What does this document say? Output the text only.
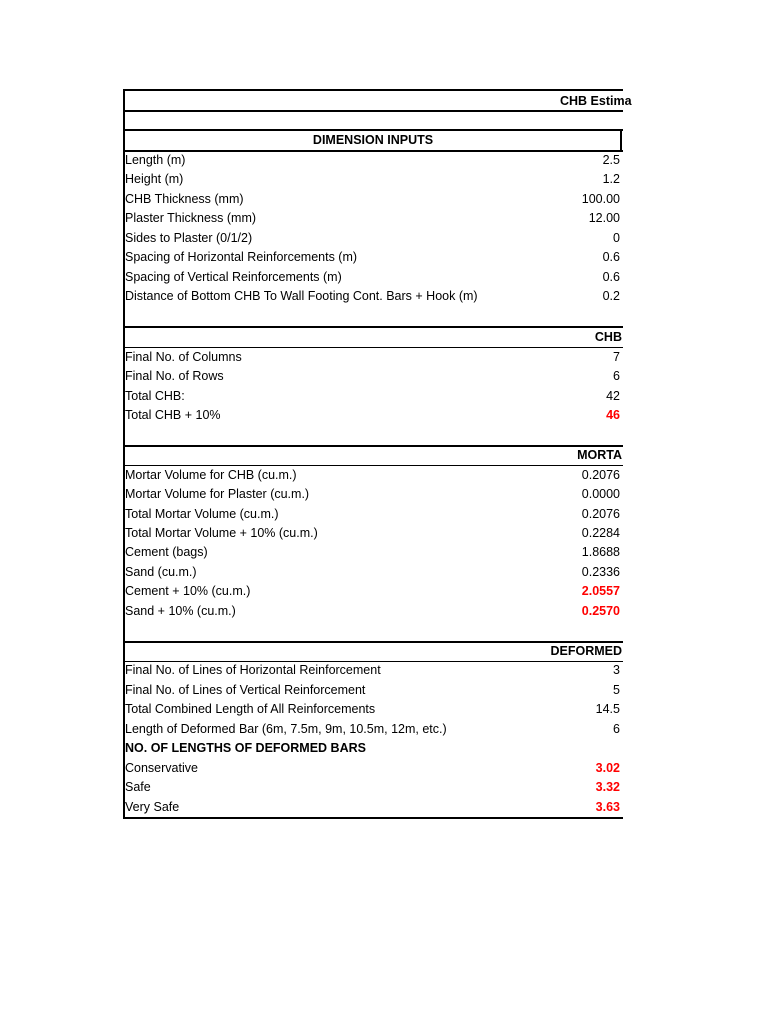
CHB Estima
DIMENSION INPUTS
Length (m)	2.5
Height (m)	1.2
CHB Thickness (mm)	100.00
Plaster Thickness (mm)	12.00
Sides to Plaster (0/1/2)	0
Spacing of Horizontal Reinforcements (m)	0.6
Spacing of Vertical Reinforcements (m)	0.6
Distance of Bottom CHB To Wall Footing Cont. Bars + Hook (m)	0.2
CHB
Final No. of Columns	7
Final No. of Rows	6
Total CHB:	42
Total CHB + 10%	46
MORTA
Mortar Volume for CHB (cu.m.)	0.2076
Mortar Volume for Plaster (cu.m.)	0.0000
Total Mortar Volume (cu.m.)	0.2076
Total Mortar Volume + 10% (cu.m.)	0.2284
Cement (bags)	1.8688
Sand (cu.m.)	0.2336
Cement + 10% (cu.m.)	2.0557
Sand + 10% (cu.m.)	0.2570
DEFORMED
Final No. of Lines of Horizontal Reinforcement	3
Final No. of Lines of Vertical Reinforcement	5
Total Combined Length of All Reinforcements	14.5
Length of Deformed Bar (6m, 7.5m, 9m, 10.5m, 12m, etc.)	6
NO. OF LENGTHS OF DEFORMED BARS
Conservative	3.02
Safe	3.32
Very Safe	3.63
